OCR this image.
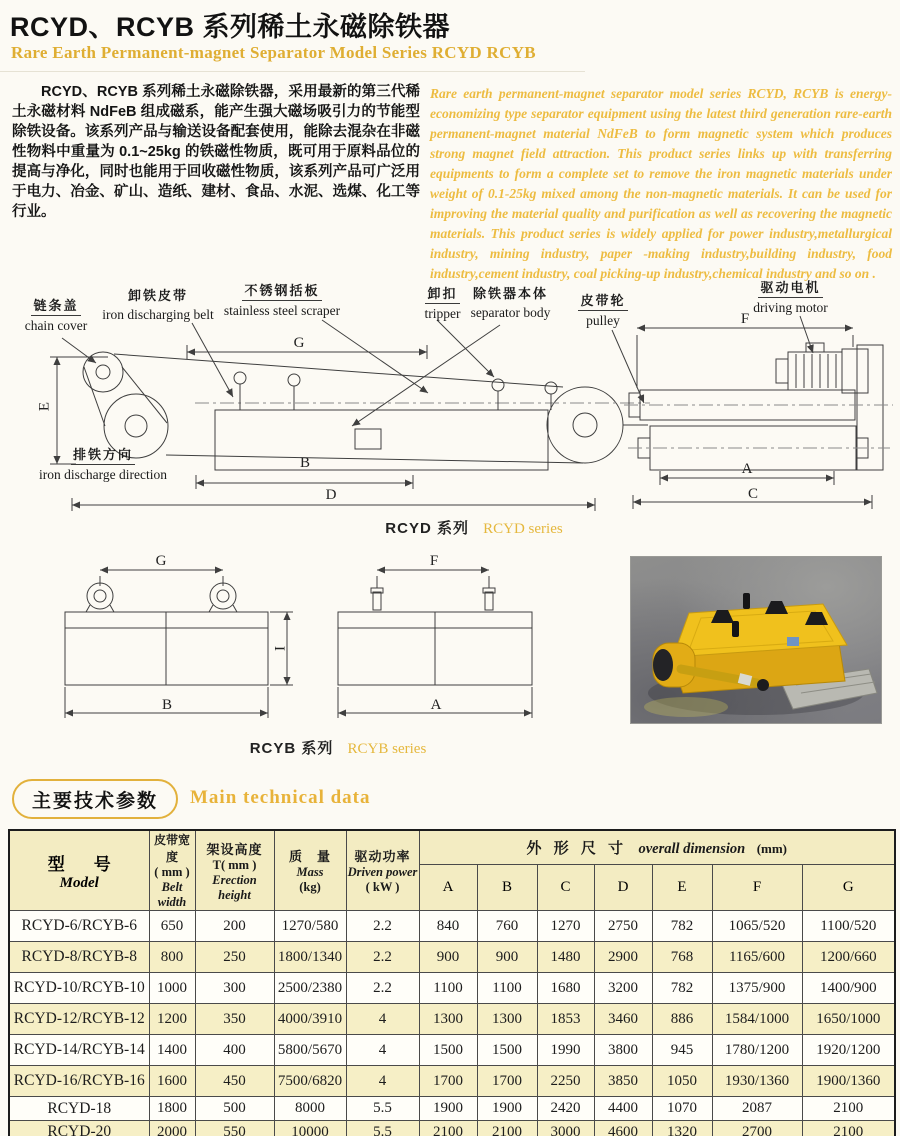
RCYD、RCYB 系列稀土永磁除铁器
Rare Earth Permanent-magnet Separator Model Series RCYD RCYB
RCYD、RCYB 系列稀土永磁除铁器，采用最新的第三代稀土永磁材料 NdFeB 组成磁系，能产生强大磁场吸引力的节能型除铁设备。该系列产品与输送设备配套使用，能除去混杂在非磁性物料中重量为 0.1~25kg 的铁磁性物质，既可用于原料品位的提高与净化，同时也能用于回收磁性物质，该系列产品可广泛用于电力、冶金、矿山、造纸、建材、食品、水泥、选煤、化工等行业。
Rare earth permanent-magnet separator model series RCYD, RCYB is energy-economizing type separator equipment using the latest third generation rare-earth permanent-magnet material NdFeB to form magnetic system which produces strong magnet field attraction. This product series links up with transferring equipments to form a complete set to remove the iron magnetic materials under weight of 0.1-25kg mixed among the non-magnetic materials. It can be used for improving the material quality and purification as well as recovering the magnetic materials. This product series is widely applied for power industry,metallurgical industry, mining industry, paper -making industry,building industry, food industry,cement industry, coal picking-up industry,chemical industry and so on .
链条盖
chain cover
卸铁皮带
iron discharging belt
不锈钢括板
stainless steel scraper
卸扣
tripper
除铁器本体
separator body
皮带轮
pulley
驱动电机
driving motor
排铁方向
iron discharge direction
G
E
B
D
F
A
C
RCYD 系列 RCYD series
G	F
I
B	A
RCYB 系列 RCYB series
主要技术参数	Main technical data
型　号
Model	皮带宽度
( mm )
Belt width	架设高度
T( mm )
Erection height	质　量
Mass
(kg)	驱动功率
Driven power
( kW )	外 形 尺 寸 overall dimension (mm)						
					A	B	C	D	E	F	G
RCYD-6/RCYB-6	650	200	1270/580	2.2	840	760	1270	2750	782	1065/520	1100/520
RCYD-8/RCYB-8	800	250	1800/1340	2.2	900	900	1480	2900	768	1165/600	1200/660
RCYD-10/RCYB-10	1000	300	2500/2380	2.2	1100	1100	1680	3200	782	1375/900	1400/900
RCYD-12/RCYB-12	1200	350	4000/3910	4	1300	1300	1853	3460	886	1584/1000	1650/1000
RCYD-14/RCYB-14	1400	400	5800/5670	4	1500	1500	1990	3800	945	1780/1200	1920/1200
RCYD-16/RCYB-16	1600	450	7500/6820	4	1700	1700	2250	3850	1050	1930/1360	1900/1360
RCYD-18	1800	500	8000	5.5	1900	1900	2420	4400	1070	2087	2100
RCYD-20	2000	550	10000	5.5	2100	2100	3000	4600	1320	2700	2100
